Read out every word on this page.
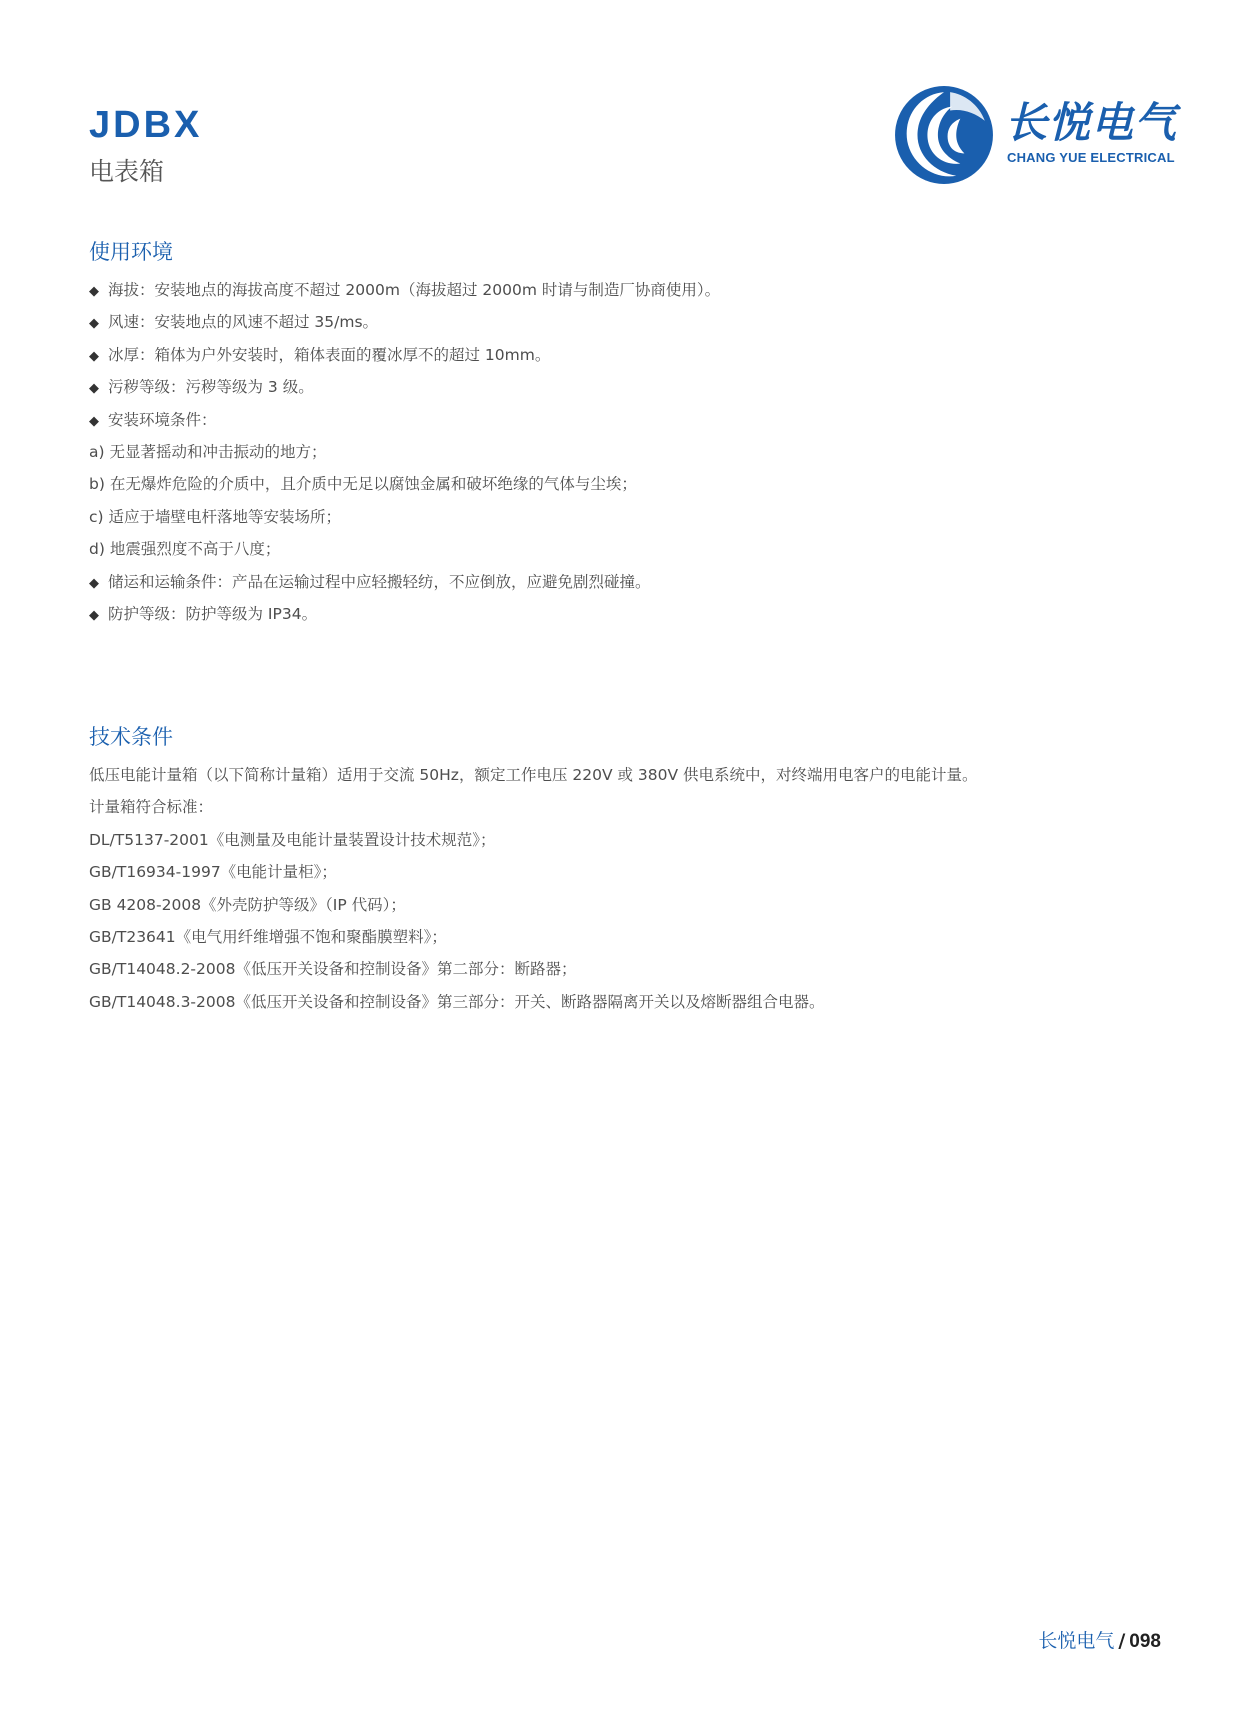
JDBX
电表箱
长悦电气
CHANG YUE ELECTRICAL
使用环境
◆ 海拔：安装地点的海拔高度不超过 2000m（海拔超过 2000m 时请与制造厂协商使用）。
◆ 风速：安装地点的风速不超过 35/ms。
◆ 冰厚：箱体为户外安装时，箱体表面的覆冰厚不的超过 10mm。
◆ 污秽等级：污秽等级为 3 级。
◆ 安装环境条件：
a) 无显著摇动和冲击振动的地方；
b) 在无爆炸危险的介质中，且介质中无足以腐蚀金属和破坏绝缘的气体与尘埃；
c) 适应于墙壁电杆落地等安装场所；
d) 地震强烈度不高于八度；
◆ 储运和运输条件：产品在运输过程中应轻搬轻纺，不应倒放，应避免剧烈碰撞。
◆ 防护等级：防护等级为 IP34。
技术条件
低压电能计量箱（以下简称计量箱）适用于交流 50Hz，额定工作电压 220V 或 380V 供电系统中，对终端用电客户的电能计量。
计量箱符合标准：
DL/T5137-2001《电测量及电能计量装置设计技术规范》；
GB/T16934-1997《电能计量柜》；
GB 4208-2008《外壳防护等级》（IP 代码）；
GB/T23641《电气用纤维增强不饱和聚酯膜塑料》；
GB/T14048.2-2008《低压开关设备和控制设备》第二部分：断路器；
GB/T14048.3-2008《低压开关设备和控制设备》第三部分：开关、断路器隔离开关以及熔断器组合电器。
长悦电气 / 098
